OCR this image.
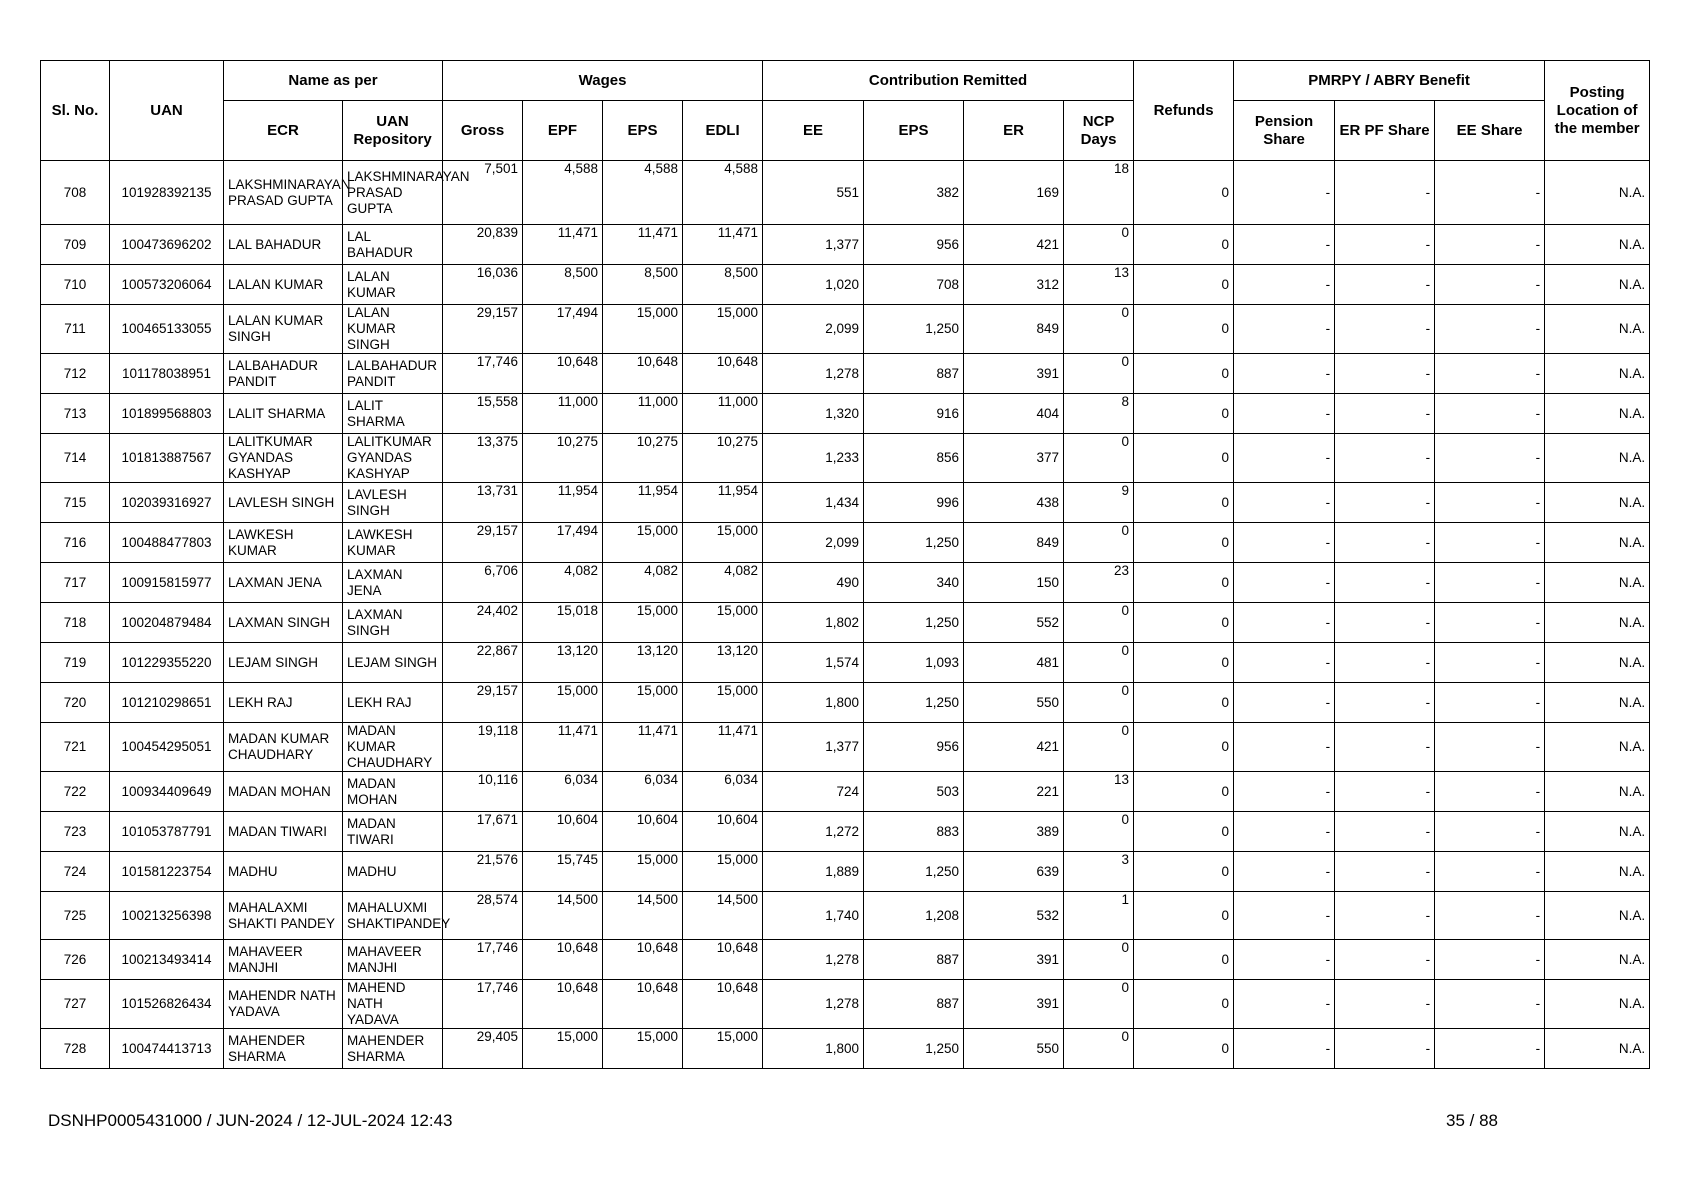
Sl. No.	UAN	Name as per		Wages				Contribution Remitted				Refunds	PMRPY / ABRY Benefit			Posting Location of the member
		ECR	UAN Repository	Gross	EPF	EPS	EDLI	EE	EPS	ER	NCP Days		Pension Share	ER PF Share	EE Share	
708	101928392135	LAKSHMINARAYAN PRASAD GUPTA	LAKSHMINARAYAN PRASAD GUPTA	7,501	4,588	4,588	4,588	551	382	169	18	0	-	-	-	N.A.
709	100473696202	LAL BAHADUR	LAL BAHADUR	20,839	11,471	11,471	11,471	1,377	956	421	0	0	-	-	-	N.A.
710	100573206064	LALAN KUMAR	LALAN KUMAR	16,036	8,500	8,500	8,500	1,020	708	312	13	0	-	-	-	N.A.
711	100465133055	LALAN KUMAR SINGH	LALAN KUMAR SINGH	29,157	17,494	15,000	15,000	2,099	1,250	849	0	0	-	-	-	N.A.
712	101178038951	LALBAHADUR PANDIT	LALBAHADUR PANDIT	17,746	10,648	10,648	10,648	1,278	887	391	0	0	-	-	-	N.A.
713	101899568803	LALIT SHARMA	LALIT SHARMA	15,558	11,000	11,000	11,000	1,320	916	404	8	0	-	-	-	N.A.
714	101813887567	LALITKUMAR GYANDAS KASHYAP	LALITKUMAR GYANDAS KASHYAP	13,375	10,275	10,275	10,275	1,233	856	377	0	0	-	-	-	N.A.
715	102039316927	LAVLESH SINGH	LAVLESH SINGH	13,731	11,954	11,954	11,954	1,434	996	438	9	0	-	-	-	N.A.
716	100488477803	LAWKESH KUMAR	LAWKESH KUMAR	29,157	17,494	15,000	15,000	2,099	1,250	849	0	0	-	-	-	N.A.
717	100915815977	LAXMAN JENA	LAXMAN JENA	6,706	4,082	4,082	4,082	490	340	150	23	0	-	-	-	N.A.
718	100204879484	LAXMAN SINGH	LAXMAN SINGH	24,402	15,018	15,000	15,000	1,802	1,250	552	0	0	-	-	-	N.A.
719	101229355220	LEJAM SINGH	LEJAM SINGH	22,867	13,120	13,120	13,120	1,574	1,093	481	0	0	-	-	-	N.A.
720	101210298651	LEKH RAJ	LEKH RAJ	29,157	15,000	15,000	15,000	1,800	1,250	550	0	0	-	-	-	N.A.
721	100454295051	MADAN KUMAR CHAUDHARY	MADAN KUMAR CHAUDHARY	19,118	11,471	11,471	11,471	1,377	956	421	0	0	-	-	-	N.A.
722	100934409649	MADAN MOHAN	MADAN MOHAN	10,116	6,034	6,034	6,034	724	503	221	13	0	-	-	-	N.A.
723	101053787791	MADAN TIWARI	MADAN TIWARI	17,671	10,604	10,604	10,604	1,272	883	389	0	0	-	-	-	N.A.
724	101581223754	MADHU	MADHU	21,576	15,745	15,000	15,000	1,889	1,250	639	3	0	-	-	-	N.A.
725	100213256398	MAHALAXMI SHAKTI PANDEY	MAHALUXMI SHAKTIPANDEY	28,574	14,500	14,500	14,500	1,740	1,208	532	1	0	-	-	-	N.A.
726	100213493414	MAHAVEER MANJHI	MAHAVEER MANJHI	17,746	10,648	10,648	10,648	1,278	887	391	0	0	-	-	-	N.A.
727	101526826434	MAHENDR NATH YADAVA	MAHEND NATH YADAVA	17,746	10,648	10,648	10,648	1,278	887	391	0	0	-	-	-	N.A.
728	100474413713	MAHENDER SHARMA	MAHENDER SHARMA	29,405	15,000	15,000	15,000	1,800	1,250	550	0	0	-	-	-	N.A.
DSNHP0005431000 / JUN-2024 / 12-JUL-2024 12:43	35 / 88
